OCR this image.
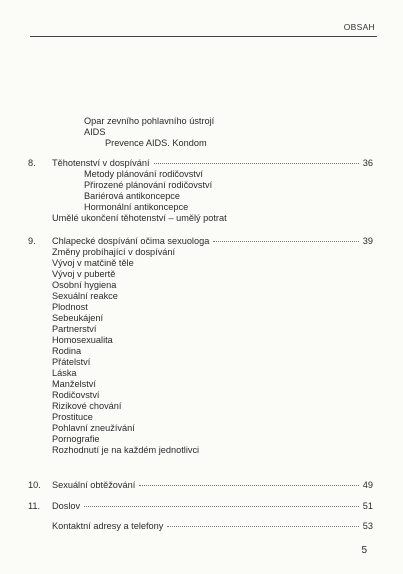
OBSAH
Opar zevního pohlavního ústrojí
AIDS
Prevence AIDS. Kondom
8.	Těhotenství v dospívání	36
Metody plánování rodičovství
Přirozené plánování rodičovství
Bariérová antikoncepce
Hormonální antikoncepce
Umělé ukončení těhotenství – umělý potrat
9.	Chlapecké dospívání očima sexuologa	39
Změny probíhající v dospívání
Vývoj v matčině těle
Vývoj v pubertě
Osobní hygiena
Sexuální reakce
Plodnost
Sebeukájení
Partnerství
Homosexualita
Rodina
Přátelství
Láska
Manželství
Rodičovství
Rizikové chování
Prostituce
Pohlavní zneužívání
Pornografie
Rozhodnutí je na každém jednotlivci
10.	Sexuální obtěžování	49
11.	Doslov	51
Kontaktní adresy a telefony	53
5
